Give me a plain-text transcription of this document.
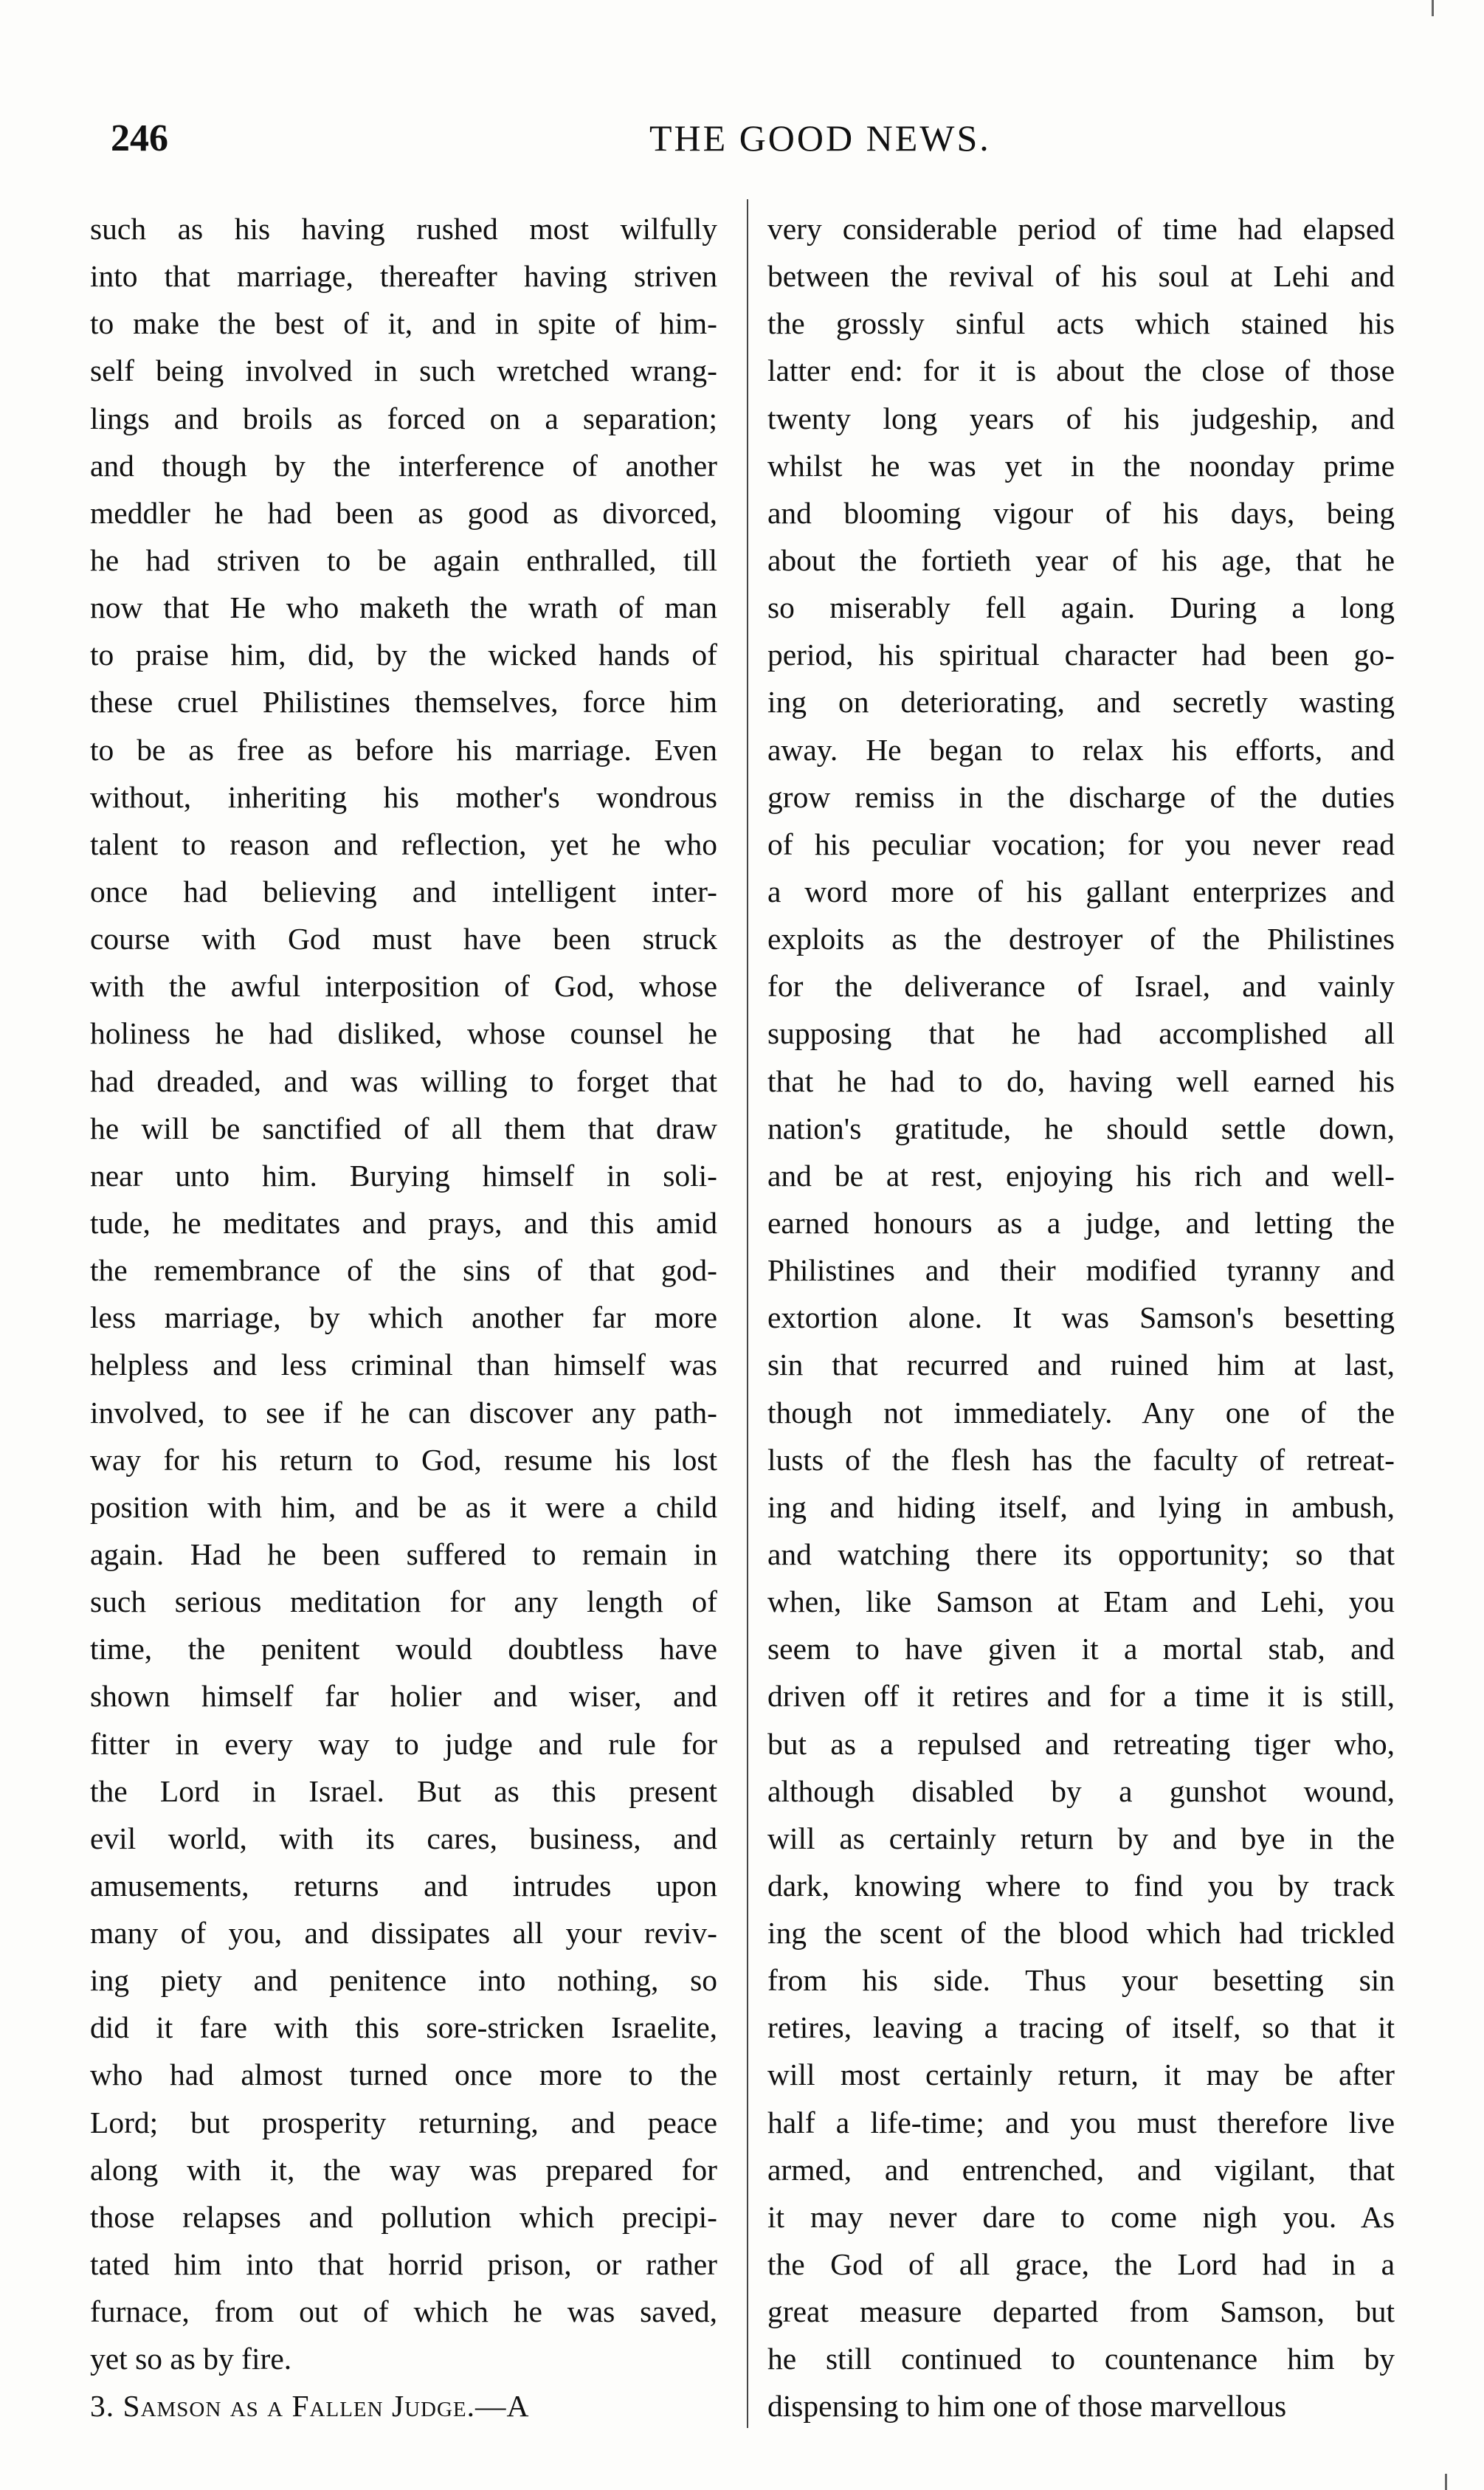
246	THE GOOD NEWS.
such as his having rushed most wilfully
into that marriage, thereafter having striven
to make the best of it, and in spite of him-
self being involved in such wretched wrang-
lings and broils as forced on a separation;
and though by the interference of another
meddler he had been as good as divorced,
he had striven to be again enthralled, till
now that He who maketh the wrath of man
to praise him, did, by the wicked hands of
these cruel Philistines themselves, force him
to be as free as before his marriage. Even
without, inheriting his mother's wondrous
talent to reason and reflection, yet he who
once had believing and intelligent inter-
course with God must have been struck
with the awful interposition of God, whose
holiness he had disliked, whose counsel he
had dreaded, and was willing to forget that
he will be sanctified of all them that draw
near unto him. Burying himself in soli-
tude, he meditates and prays, and this amid
the remembrance of the sins of that god-
less marriage, by which another far more
helpless and less criminal than himself was
involved, to see if he can discover any path-
way for his return to God, resume his lost
position with him, and be as it were a child
again. Had he been suffered to remain in
such serious meditation for any length of
time, the penitent would doubtless have
shown himself far holier and wiser, and
fitter in every way to judge and rule for
the Lord in Israel. But as this present
evil world, with its cares, business, and
amusements, returns and intrudes upon
many of you, and dissipates all your reviv-
ing piety and penitence into nothing, so
did it fare with this sore-stricken Israelite,
who had almost turned once more to the
Lord; but prosperity returning, and peace
along with it, the way was prepared for
those relapses and pollution which precipi-
tated him into that horrid prison, or rather
furnace, from out of which he was saved,
yet so as by fire.
3. Samson as a Fallen Judge.—A
very considerable period of time had elapsed
between the revival of his soul at Lehi and
the grossly sinful acts which stained his
latter end: for it is about the close of those
twenty long years of his judgeship, and
whilst he was yet in the noonday prime
and blooming vigour of his days, being
about the fortieth year of his age, that he
so miserably fell again. During a long
period, his spiritual character had been go-
ing on deteriorating, and secretly wasting
away. He began to relax his efforts, and
grow remiss in the discharge of the duties
of his peculiar vocation; for you never read
a word more of his gallant enterprizes and
exploits as the destroyer of the Philistines
for the deliverance of Israel, and vainly
supposing that he had accomplished all
that he had to do, having well earned his
nation's gratitude, he should settle down,
and be at rest, enjoying his rich and well-
earned honours as a judge, and letting the
Philistines and their modified tyranny and
extortion alone. It was Samson's besetting
sin that recurred and ruined him at last,
though not immediately. Any one of the
lusts of the flesh has the faculty of retreat-
ing and hiding itself, and lying in ambush,
and watching there its opportunity; so that
when, like Samson at Etam and Lehi, you
seem to have given it a mortal stab, and
driven off it retires and for a time it is still,
but as a repulsed and retreating tiger who,
although disabled by a gunshot wound,
will as certainly return by and bye in the
dark, knowing where to find you by track
ing the scent of the blood which had trickled
from his side. Thus your besetting sin
retires, leaving a tracing of itself, so that it
will most certainly return, it may be after
half a life-time; and you must therefore live
armed, and entrenched, and vigilant, that
it may never dare to come nigh you. As
the God of all grace, the Lord had in a
great measure departed from Samson, but
he still continued to countenance him by
dispensing to him one of those marvellous
